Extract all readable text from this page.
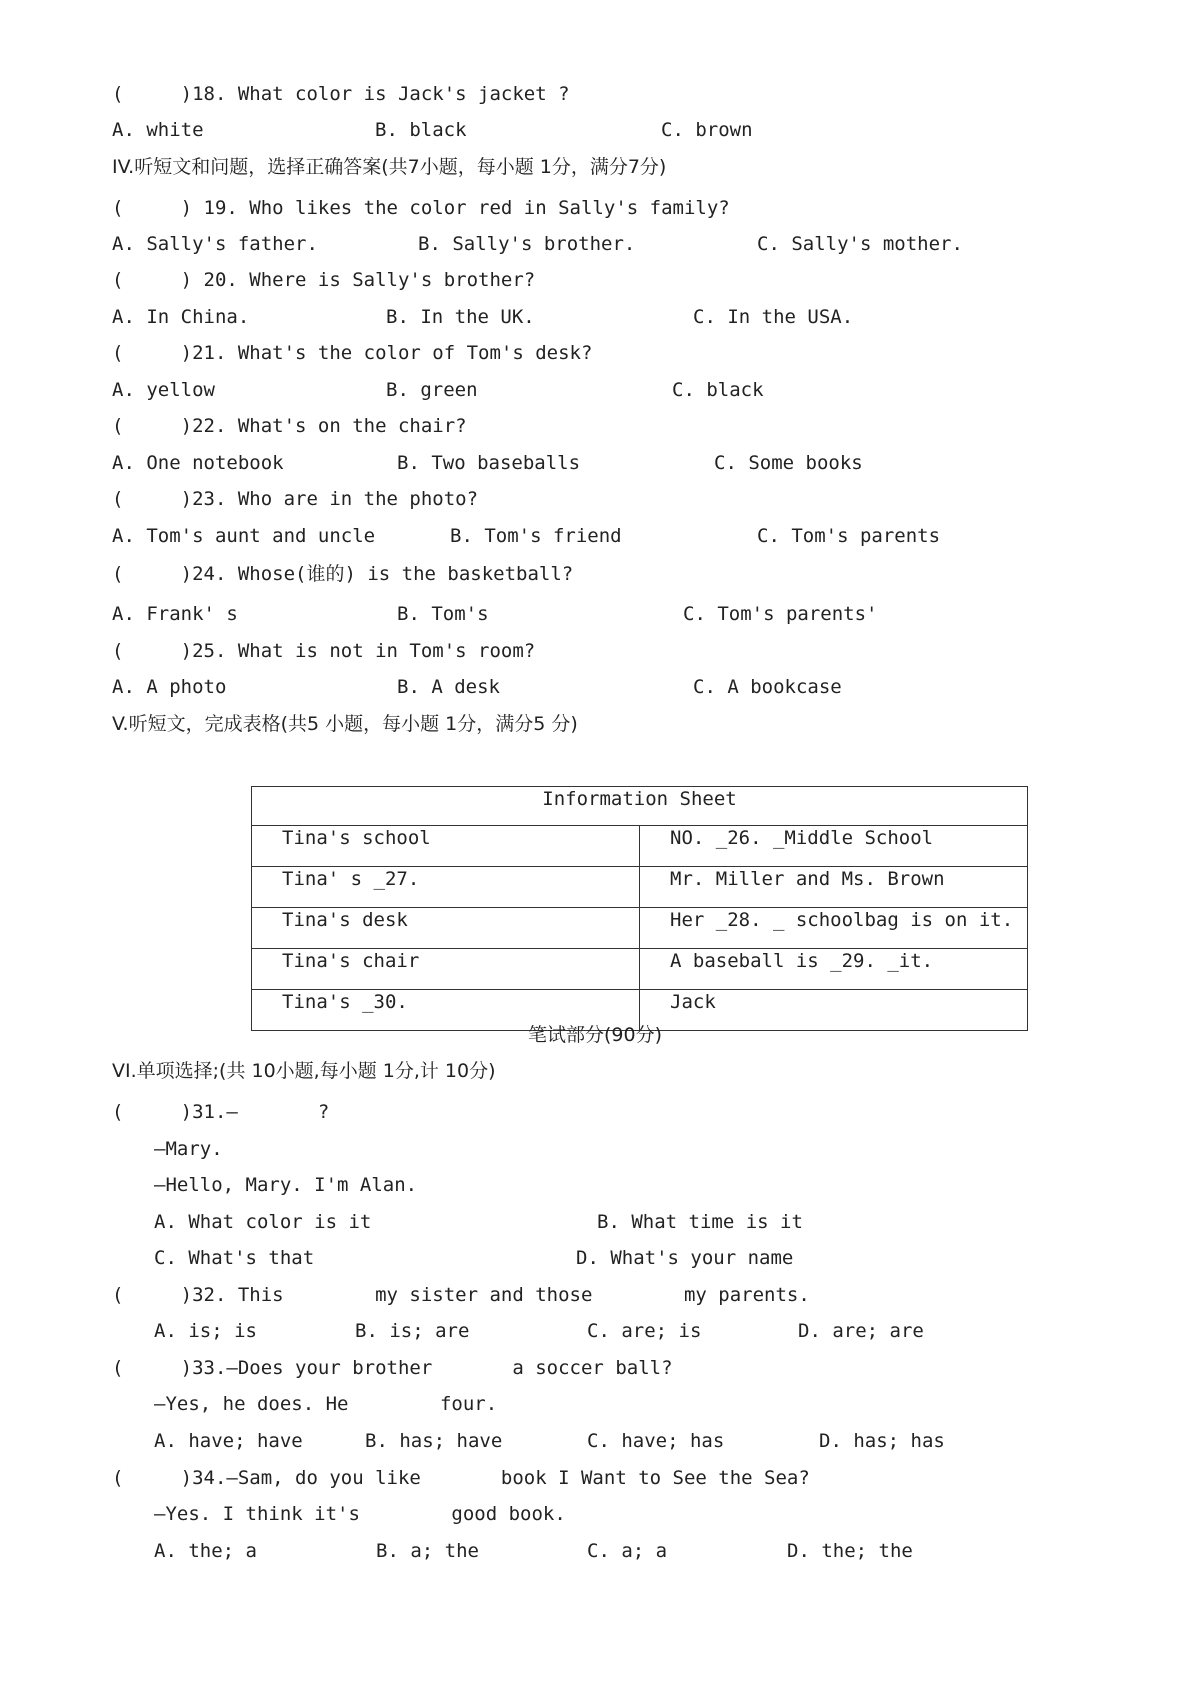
(     )18. What color is Jack's jacket ?
A. white	B. black	C. brown
IV.听短文和问题，选择正确答案(共7小题，每小题 1分，满分7分)
(     ) 19. Who likes the color red in Sally's family?
A. Sally's father.	B. Sally's brother.	C. Sally's mother.
(     ) 20. Where is Sally's brother?
A. In China.	B. In the UK.	C. In the USA.
(     )21. What's the color of Tom's desk?
A. yellow	B. green	C. black
(     )22. What's on the chair?
A. One notebook	B. Two baseballs	C. Some books
(     )23. Who are in the photo?
A. Tom's aunt and uncle	B. Tom's friend	C. Tom's parents
(     )24. Whose(谁的) is the basketball?
A. Frank' s	B. Tom's	C. Tom's parents'
(     )25. What is not in Tom's room?
A. A photo	B. A desk	C. A bookcase
V.听短文，完成表格(共5 小题，每小题 1分，满分5 分)
Information Sheet	
Tina's school	NO. _26. _Middle School
Tina' s _27.	Mr. Miller and Ms. Brown
Tina's desk	Her _28. _ schoolbag is on it.
Tina's chair	A baseball is _29. _it.
Tina's _30.	Jack
笔试部分(90分)
VI.单项选择;(共 10小题,每小题 1分,计 10分)
(     )31.—       ?
—Mary.
—Hello, Mary. I'm Alan.
A. What color is it	B. What time is it
C. What's that	D. What's your name
(     )32. This        my sister and those        my parents.
A. is; is	B. is; are	C. are; is	D. are; are
(     )33.—Does your brother       a soccer ball?
—Yes, he does. He        four.
A. have; have	B. has; have	C. have; has	D. has; has
(     )34.—Sam, do you like       book I Want to See the Sea?
—Yes. I think it's        good book.
A. the; a	B. a; the	C. a; a	D. the; the
